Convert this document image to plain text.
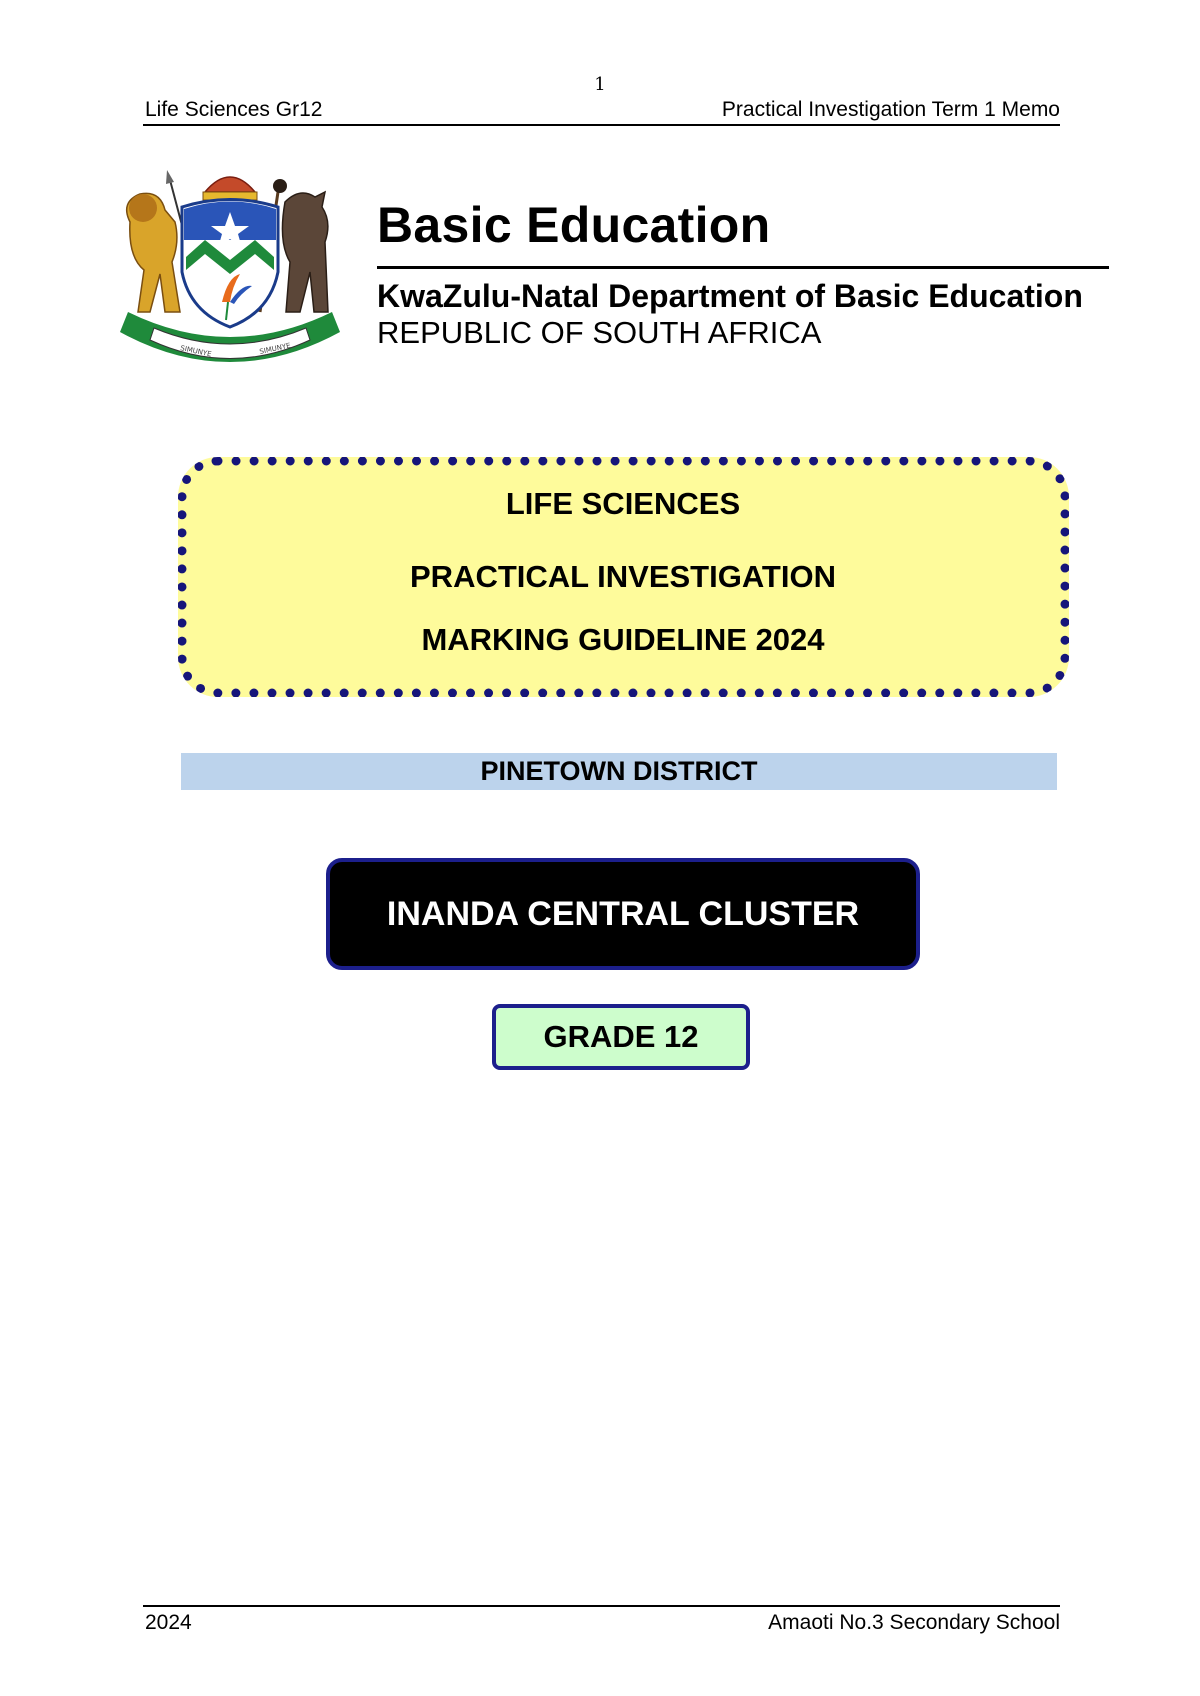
1
Life Sciences Gr12	Practical Investigation Term 1 Memo
SIMUNYE	SIMUNYE
Basic Education
KwaZulu-Natal Department of Basic Education
REPUBLIC OF SOUTH AFRICA
LIFE SCIENCES
PRACTICAL INVESTIGATION
MARKING GUIDELINE 2024
PINETOWN DISTRICT
INANDA CENTRAL CLUSTER
GRADE 12
2024	Amaoti No.3 Secondary School
